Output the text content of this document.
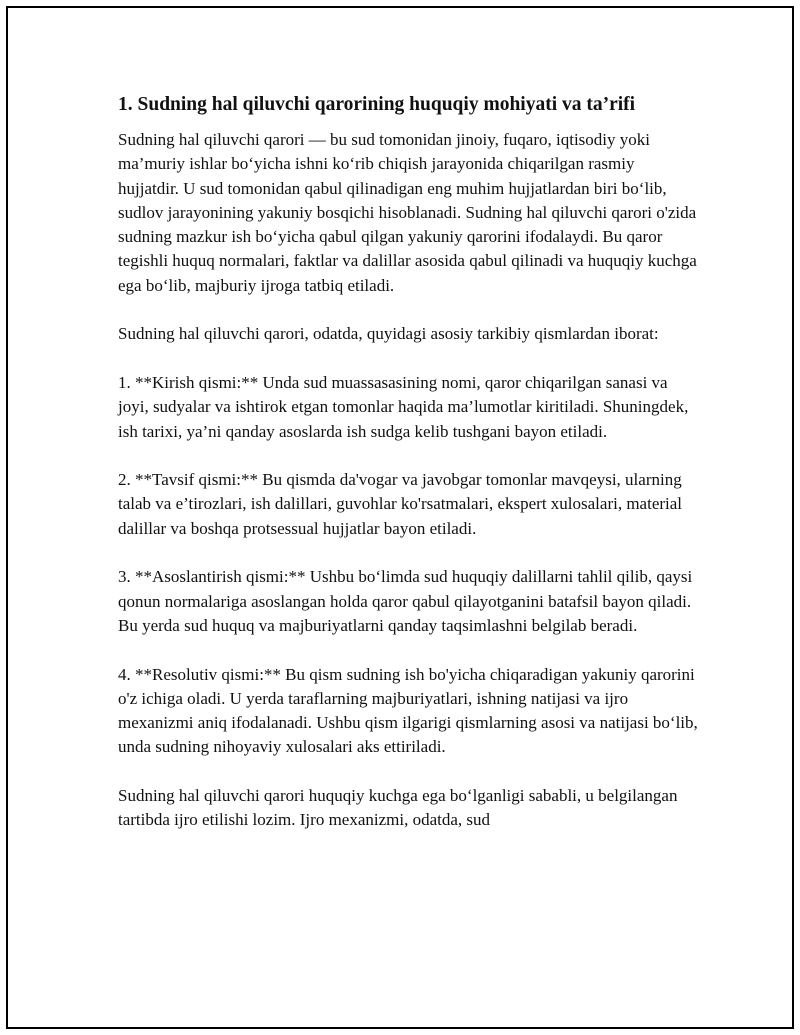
1. Sudning hal qiluvchi qarorining huquqiy mohiyati va ta’rifi

Sudning hal qiluvchi qarori — bu sud tomonidan jinoiy, fuqaro, iqtisodiy yoki ma’muriy ishlar bo‘yicha ishni ko‘rib chiqish jarayonida chiqarilgan rasmiy hujjatdir. U sud tomonidan qabul qilinadigan eng muhim hujjatlardan biri bo‘lib, sudlov jarayonining yakuniy bosqichi hisoblanadi. Sudning hal qiluvchi qarori o'zida sudning mazkur ish bo‘yicha qabul qilgan yakuniy qarorini ifodalaydi. Bu qaror tegishli huquq normalari, faktlar va dalillar asosida qabul qilinadi va huquqiy kuchga ega bo‘lib, majburiy ijroga tatbiq etiladi.

Sudning hal qiluvchi qarori, odatda, quyidagi asosiy tarkibiy qismlardan iborat:

1. **Kirish qismi:** Unda sud muassasasining nomi, qaror chiqarilgan sanasi va joyi, sudyalar va ishtirok etgan tomonlar haqida ma’lumotlar kiritiladi. Shuningdek, ish tarixi, ya’ni qanday asoslarda ish sudga kelib tushgani bayon etiladi.

2. **Tavsif qismi:** Bu qismda da'vogar va javobgar tomonlar mavqeysi, ularning talab va e’tirozlari, ish dalillari, guvohlar ko'rsatmalari, ekspert xulosalari, material dalillar va boshqa protsessual hujjatlar bayon etiladi.

3. **Asoslantirish qismi:** Ushbu bo‘limda sud huquqiy dalillarni tahlil qilib, qaysi qonun normalariga asoslangan holda qaror qabul qilayotganini batafsil bayon qiladi. Bu yerda sud huquq va majburiyatlarni qanday taqsimlashni belgilab beradi.

4. **Resolutiv qismi:** Bu qism sudning ish bo'yicha chiqaradigan yakuniy qarorini o'z ichiga oladi. U yerda taraflarning majburiyatlari, ishning natijasi va ijro mexanizmi aniq ifodalanadi. Ushbu qism ilgarigi qismlarning asosi va natijasi bo‘lib, unda sudning nihoyaviy xulosalari aks ettiriladi.

Sudning hal qiluvchi qarori huquqiy kuchga ega bo‘lganligi sababli, u belgilangan tartibda ijro etilishi lozim. Ijro mexanizmi, odatda, sud
